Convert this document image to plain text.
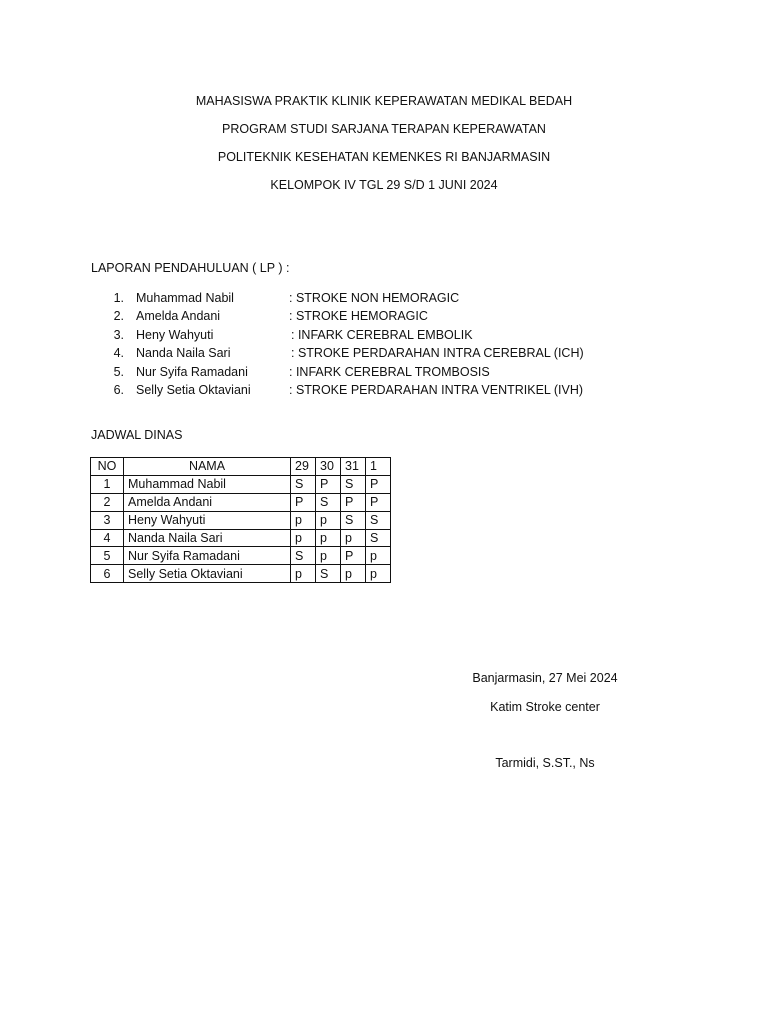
MAHASISWA PRAKTIK KLINIK KEPERAWATAN MEDIKAL BEDAH
PROGRAM STUDI SARJANA TERAPAN KEPERAWATAN
POLITEKNIK KESEHATAN KEMENKES RI BANJARMASIN
KELOMPOK IV TGL 29 S/D 1 JUNI 2024
LAPORAN PENDAHULUAN ( LP ) :
1. Muhammad Nabil	: STROKE NON HEMORAGIC
2. Amelda Andani	: STROKE HEMORAGIC
3. Heny Wahyuti	: INFARK CEREBRAL EMBOLIK
4. Nanda Naila Sari	: STROKE PERDARAHAN INTRA CEREBRAL (ICH)
5. Nur Syifa Ramadani	: INFARK CEREBRAL TROMBOSIS
6. Selly Setia Oktaviani	: STROKE PERDARAHAN INTRA VENTRIKEL (IVH)
JADWAL DINAS
NO	NAMA	29	30	31	1
1	Muhammad Nabil	S	P	S	P
2	Amelda Andani	P	S	P	P
3	Heny Wahyuti	p	p	S	S
4	Nanda Naila Sari	p	p	p	S
5	Nur Syifa Ramadani	S	p	P	p
6	Selly Setia Oktaviani	p	S	p	p
Banjarmasin, 27 Mei 2024
Katim Stroke center
Tarmidi, S.ST., Ns
